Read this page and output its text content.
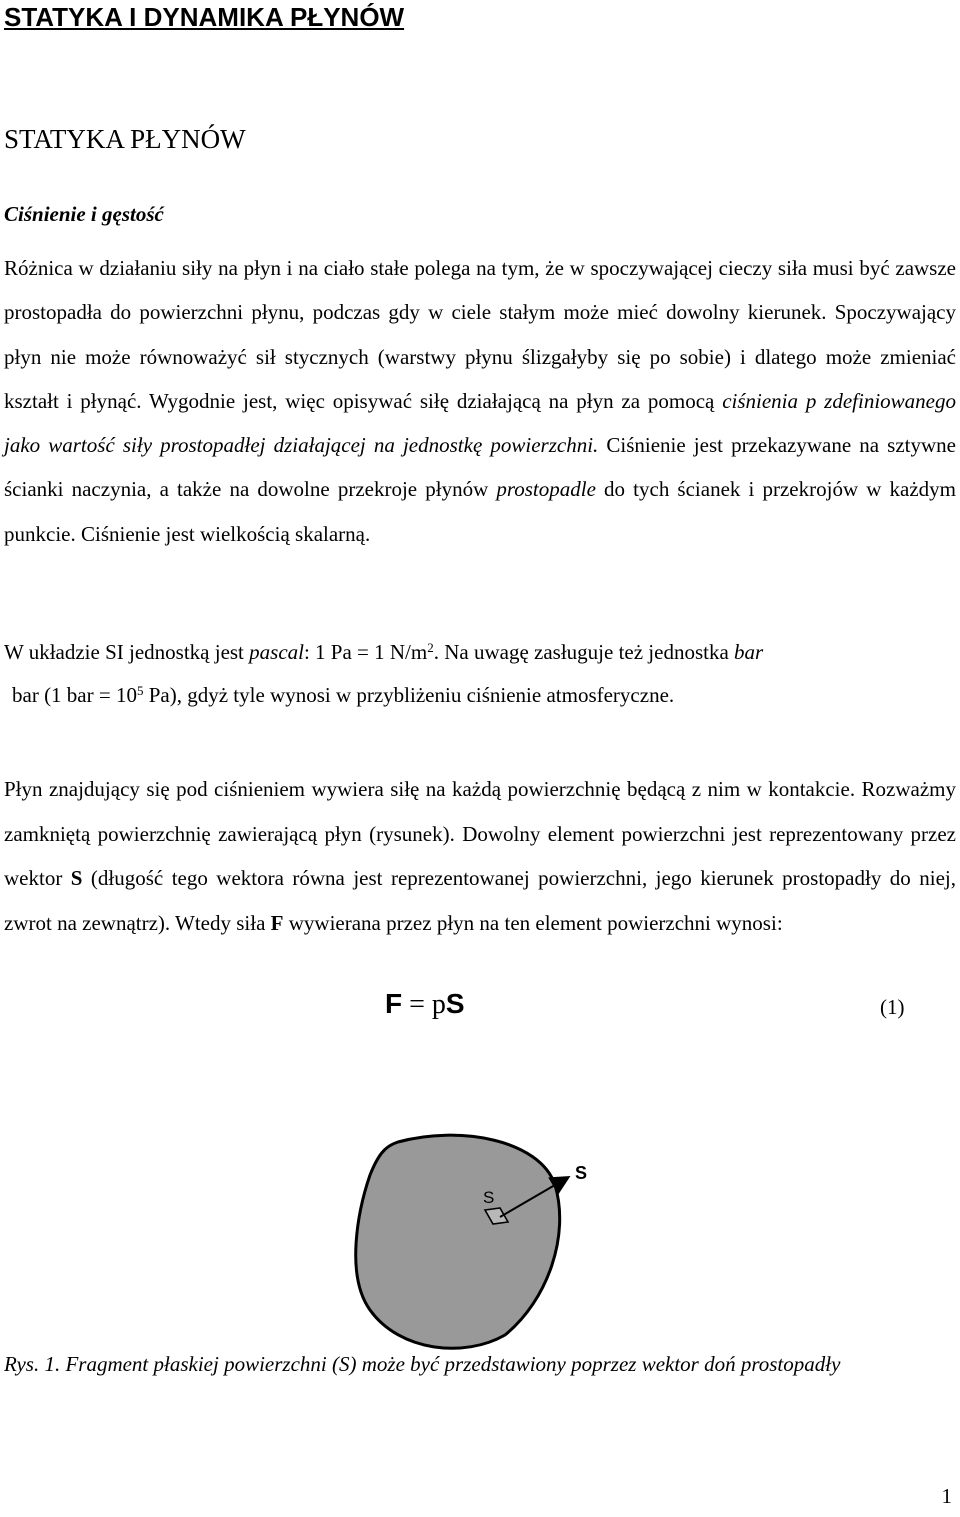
STATYKA I DYNAMIKA PŁYNÓW
STATYKA PŁYNÓW
Ciśnienie i gęstość
Różnica w działaniu siły na płyn i na ciało stałe polega na tym, że w spoczywającej cieczy siła musi być zawsze prostopadła do powierzchni płynu, podczas gdy w ciele stałym może mieć dowolny kierunek. Spoczywający płyn nie może równoważyć sił stycznych (warstwy płynu ślizgałyby się po sobie) i dlatego może zmieniać kształt i płynąć. Wygodnie jest, więc opisywać siłę działającą na płyn za pomocą ciśnienia p zdefiniowanego jako wartość siły prostopadłej działającej na jednostkę powierzchni. Ciśnienie jest przekazywane na sztywne ścianki naczynia, a także na dowolne przekroje płynów prostopadle do tych ścianek i przekrojów w każdym punkcie. Ciśnienie jest wielkością skalarną.
W układzie SI jednostką jest pascal: 1 Pa = 1 $N/m^2$. Na uwagę zasługuje też jednostka bar
bar (1 bar = $10^5$ Pa), gdyż tyle wynosi w przybliżeniu ciśnienie atmosferyczne.
Płyn znajdujący się pod ciśnieniem wywiera siłę na każdą powierzchnię będącą z nim w kontakcie. Rozważmy zamkniętą powierzchnię zawierającą płyn (rysunek). Dowolny element powierzchni jest reprezentowany przez wektor S (długość tego wektora równa jest reprezentowanej powierzchni, jego kierunek prostopadły do niej, zwrot na zewnątrz). Wtedy siła F wywierana przez płyn na ten element powierzchni wynosi:
F = pS	(1)
S
S
Rys. 1. Fragment płaskiej powierzchni (S) może być przedstawiony poprzez wektor doń prostopadły
1
